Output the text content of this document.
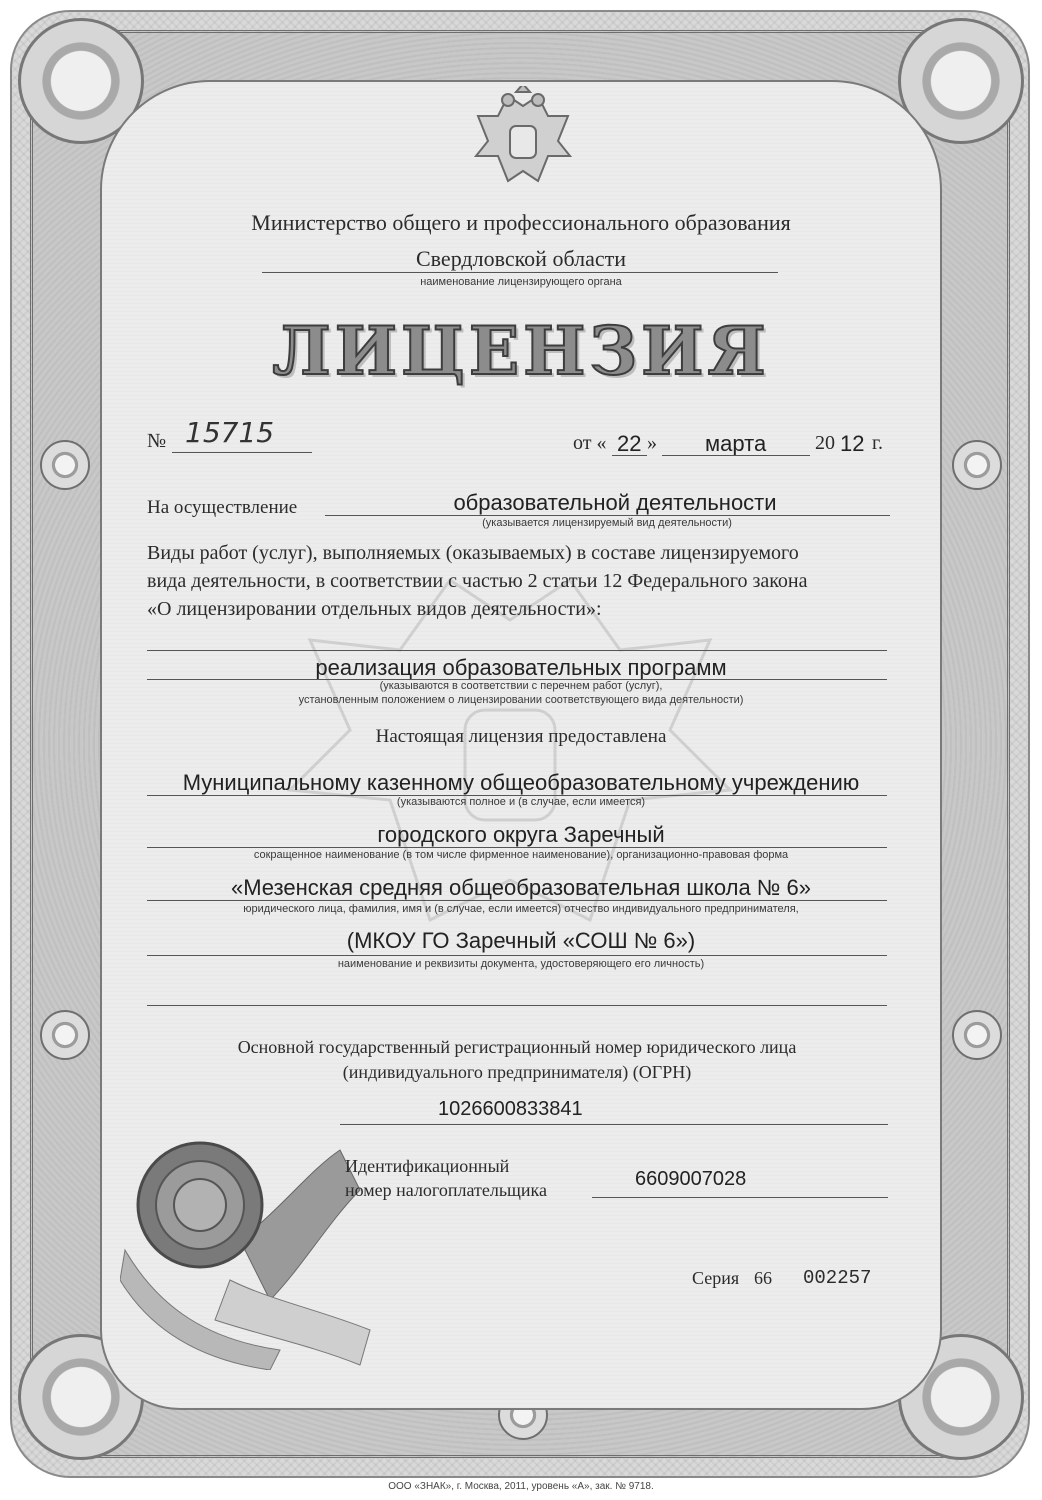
Министерство общего и профессионального образования
Свердловской области
наименование лицензирующего органа
ЛИЦЕНЗИЯ
№ 15715	от « 22 » марта 20 12 г.
На осуществление	образовательной деятельности
(указывается лицензируемый вид деятельности)
Виды работ (услуг), выполняемых (оказываемых) в составе лицензируемого
вида деятельности, в соответствии с частью 2 статьи 12 Федерального закона
«О лицензировании отдельных видов деятельности»:
реализация образовательных программ
(указываются в соответствии с перечнем работ (услуг),
установленным положением о лицензировании соответствующего вида деятельности)
Настоящая лицензия предоставлена
Муниципальному казенному общеобразовательному учреждению
(указываются полное и (в случае, если имеется)
городского округа Заречный
сокращенное наименование (в том числе фирменное наименование), организационно-правовая форма
«Мезенская средняя общеобразовательная школа № 6»
юридического лица, фамилия, имя и (в случае, если имеется) отчество индивидуального предпринимателя,
(МКОУ ГО Заречный «СОШ № 6»)
наименование и реквизиты документа, удостоверяющего его личность)
Основной государственный регистрационный номер юридического лица
(индивидуального предпринимателя) (ОГРН)
1026600833841
Идентификационный
номер налогоплательщика	6609007028
Серия 66 002257
ООО «ЗНАК», г. Москва, 2011, уровень «А», зак. № 9718.
